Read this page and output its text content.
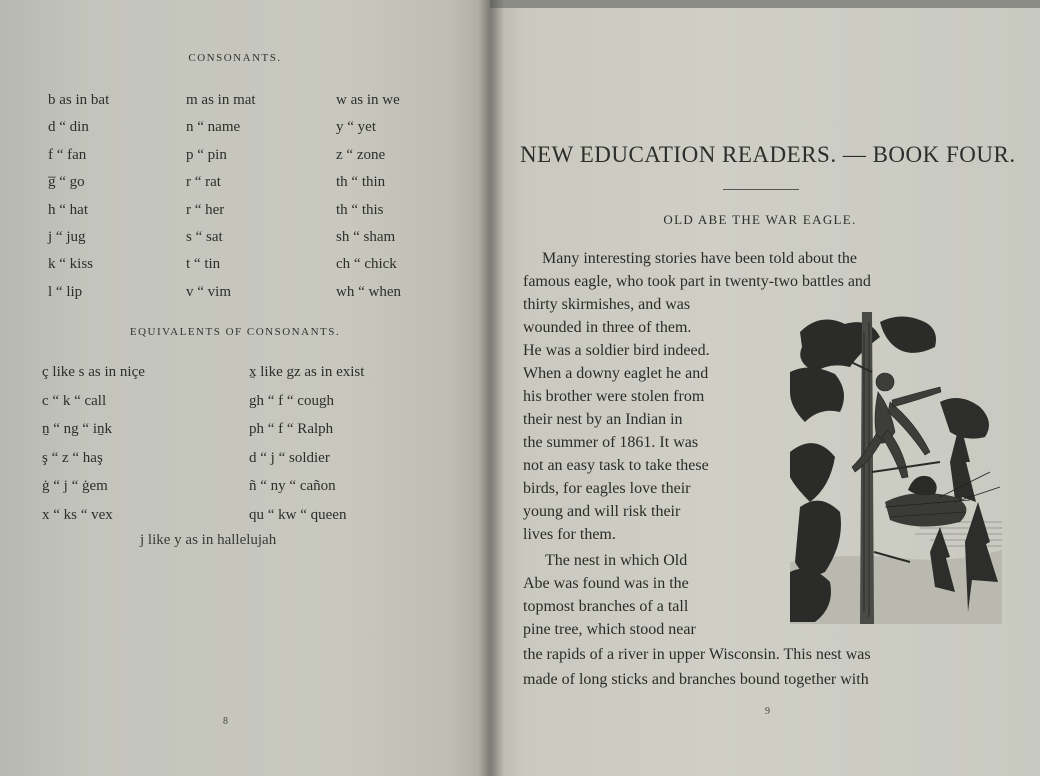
CONSONANTS.
b as in bat	m as in mat	w as in we
d “ din	n “ name	y “ yet
f “ fan	p “ pin	z “ zone
g̅ “ go	r “ rat	th “ thin
h “ hat	r “ her	th “ this
j “ jug	s “ sat	sh “ sham
k “ kiss	t “ tin	ch “ chick
l “ lip	v “ vim	wh “ when
EQUIVALENTS OF CONSONANTS.
ç like s as in niçe	x̱ like gz as in exist
c “ k “ call	gh “ f “ cough
ṉ “ ng “ iṉk	ph “ f “ Ralph
ş “ z “ haş	d “ j “ soldier
ġ “ j “ ġem	ñ “ ny “ cañon
x “ ks “ vex	qu “ kw “ queen
j like y as in hallelujah
8
NEW EDUCATION READERS. — BOOK FOUR.
OLD ABE THE WAR EAGLE.
Many interesting stories have been told about the
famous eagle, who took part in twenty-two battles and
thirty skirmishes, and was
wounded in three of them.
He was a soldier bird indeed.
When a downy eaglet he and
his brother were stolen from
their nest by an Indian in
the summer of 1861. It was
not an easy task to take these
birds, for eagles love their
young and will risk their
lives for them.
The nest in which Old
Abe was found was in the
topmost branches of a tall
pine tree, which stood near
the rapids of a river in upper Wisconsin. This nest was
made of long sticks and branches bound together with
9
